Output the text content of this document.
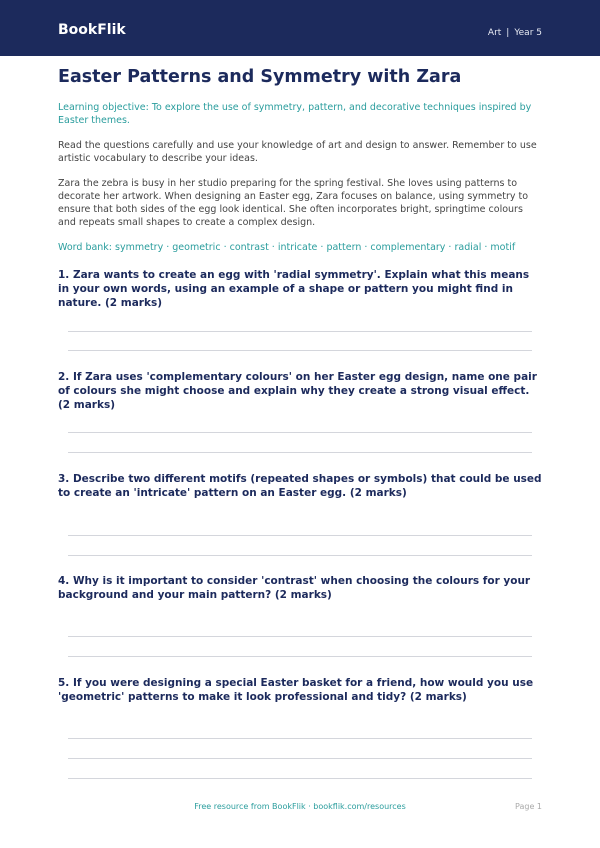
BookFlik	Art | Year 5
Easter Patterns and Symmetry with Zara
Learning objective: To explore the use of symmetry, pattern, and decorative techniques inspired by Easter themes.

Read the questions carefully and use your knowledge of art and design to answer. Remember to use artistic vocabulary to describe your ideas.

Zara the zebra is busy in her studio preparing for the spring festival. She loves using patterns to decorate her artwork. When designing an Easter egg, Zara focuses on balance, using symmetry to ensure that both sides of the egg look identical. She often incorporates bright, springtime colours and repeats small shapes to create a complex design.

Word bank: symmetry · geometric · contrast · intricate · pattern · complementary · radial · motif
1. Zara wants to create an egg with 'radial symmetry'. Explain what this means in your own words, using an example of a shape or pattern you might find in nature. (2 marks)
2. If Zara uses 'complementary colours' on her Easter egg design, name one pair of colours she might choose and explain why they create a strong visual effect. (2 marks)
3. Describe two different motifs (repeated shapes or symbols) that could be used to create an 'intricate' pattern on an Easter egg. (2 marks)
4. Why is it important to consider 'contrast' when choosing the colours for your background and your main pattern? (2 marks)
5. If you were designing a special Easter basket for a friend, how would you use 'geometric' patterns to make it look professional and tidy? (2 marks)
Free resource from BookFlik · bookflik.com/resources	Page 1
